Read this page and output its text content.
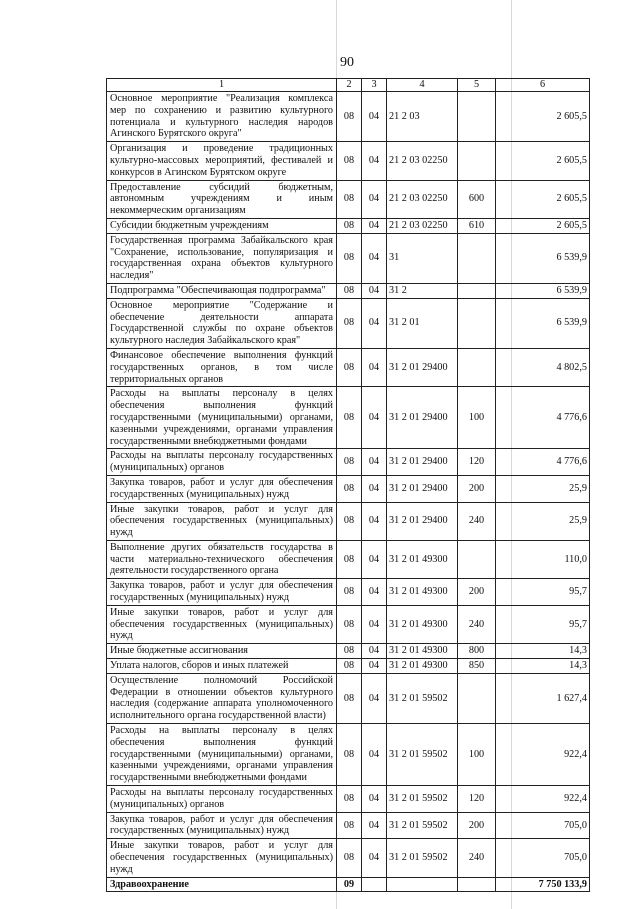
90
1	2	3	4	5	6
Основное мероприятие "Реализация комплекса мер по сохранению и развитию культурного потенциала и культурного наследия народов Агинского Бурятского округа"	08	04	21 2 03		2 605,5
Организация и проведение традиционных культурно-массовых мероприятий, фестивалей и конкурсов в Агинском Бурятском округе	08	04	21 2 03 02250		2 605,5
Предоставление субсидий бюджетным, автономным учреждениям и иным некоммерческим организациям	08	04	21 2 03 02250	600	2 605,5
Субсидии бюджетным учреждениям	08	04	21 2 03 02250	610	2 605,5
Государственная программа Забайкальского края "Сохранение, использование, популяризация и государственная охрана объектов культурного наследия"	08	04	31		6 539,9
Подпрограмма "Обеспечивающая подпрограмма"	08	04	31 2		6 539,9
Основное мероприятие "Содержание и обеспечение деятельности аппарата Государственной службы по охране объектов культурного наследия Забайкальского края"	08	04	31 2 01		6 539,9
Финансовое обеспечение выполнения функций государственных органов, в том числе территориальных органов	08	04	31 2 01 29400		4 802,5
Расходы на выплаты персоналу в целях обеспечения выполнения функций государственными (муниципальными) органами, казенными учреждениями, органами управления государственными внебюджетными фондами	08	04	31 2 01 29400	100	4 776,6
Расходы на выплаты персоналу государственных (муниципальных) органов	08	04	31 2 01 29400	120	4 776,6
Закупка товаров, работ и услуг для обеспечения государственных (муниципальных) нужд	08	04	31 2 01 29400	200	25,9
Иные закупки товаров, работ и услуг для обеспечения государственных (муниципальных) нужд	08	04	31 2 01 29400	240	25,9
Выполнение других обязательств государства в части материально-технического обеспечения деятельности государственного органа	08	04	31 2 01 49300		110,0
Закупка товаров, работ и услуг для обеспечения государственных (муниципальных) нужд	08	04	31 2 01 49300	200	95,7
Иные закупки товаров, работ и услуг для обеспечения государственных (муниципальных) нужд	08	04	31 2 01 49300	240	95,7
Иные бюджетные ассигнования	08	04	31 2 01 49300	800	14,3
Уплата налогов, сборов и иных платежей	08	04	31 2 01 49300	850	14,3
Осуществление полномочий Российской Федерации в отношении объектов культурного наследия (содержание аппарата уполномоченного исполнительного органа государственной власти)	08	04	31 2 01 59502		1 627,4
Расходы на выплаты персоналу в целях обеспечения выполнения функций государственными (муниципальными) органами, казенными учреждениями, органами управления государственными внебюджетными фондами	08	04	31 2 01 59502	100	922,4
Расходы на выплаты персоналу государственных (муниципальных) органов	08	04	31 2 01 59502	120	922,4
Закупка товаров, работ и услуг для обеспечения государственных (муниципальных) нужд	08	04	31 2 01 59502	200	705,0
Иные закупки товаров, работ и услуг для обеспечения государственных (муниципальных) нужд	08	04	31 2 01 59502	240	705,0
Здравоохранение	09				7 750 133,9
